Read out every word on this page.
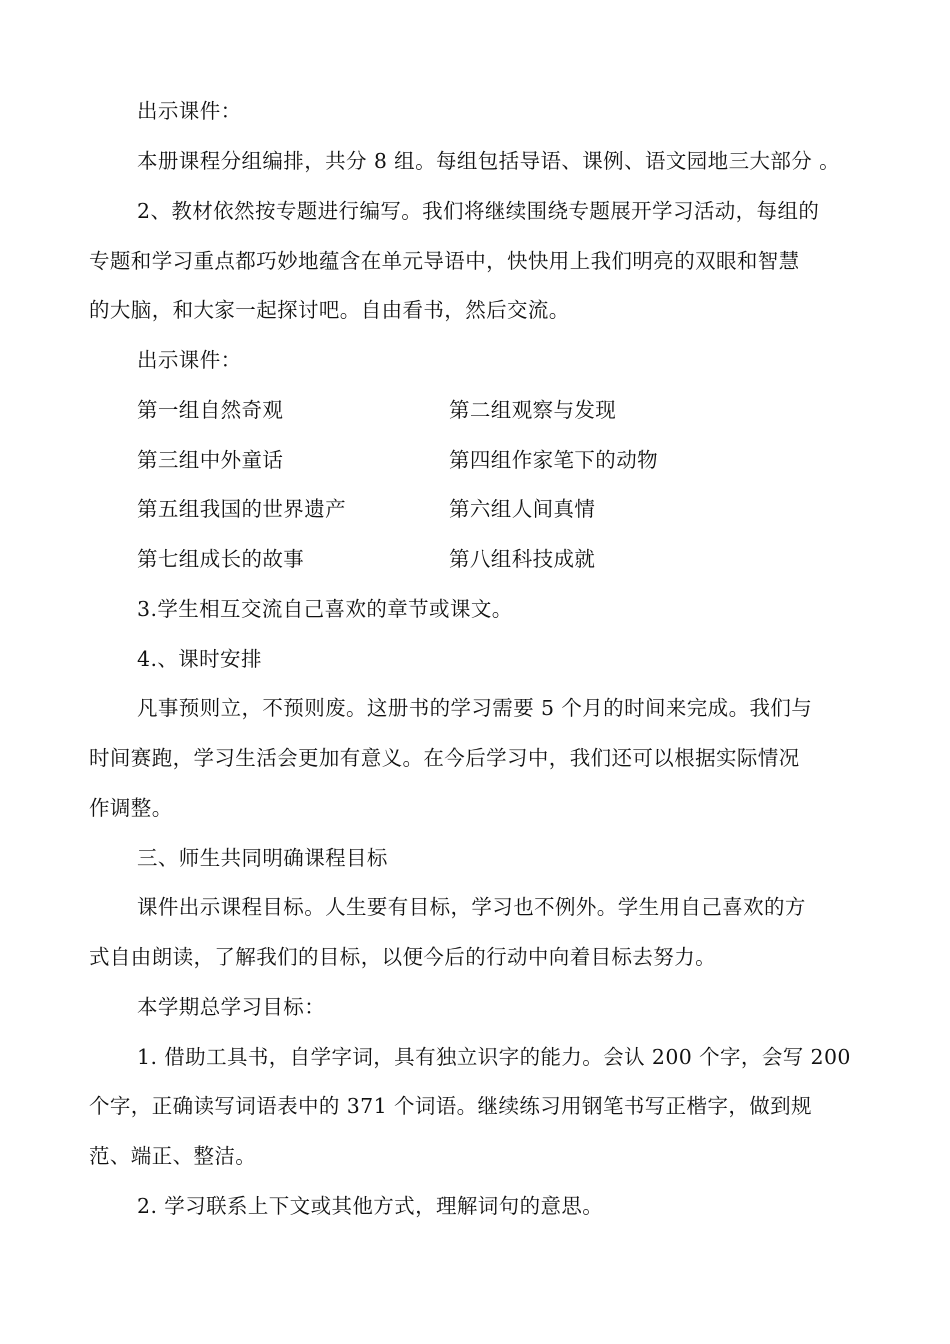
出示课件：
本册课程分组编排，共分 8 组。每组包括导语、课例、语文园地三大部分 。
2、教材依然按专题进行编写。我们将继续围绕专题展开学习活动，每组的
专题和学习重点都巧妙地蕴含在单元导语中，快快用上我们明亮的双眼和智慧
的大脑，和大家一起探讨吧。自由看书，然后交流。
出示课件：
第一组自然奇观	第二组观察与发现
第三组中外童话	第四组作家笔下的动物
第五组我国的世界遗产	第六组人间真情
第七组成长的故事	第八组科技成就
3.学生相互交流自己喜欢的章节或课文。
4.、课时安排
凡事预则立，不预则废。这册书的学习需要 5 个月的时间来完成。我们与
时间赛跑，学习生活会更加有意义。在今后学习中，我们还可以根据实际情况
作调整。
三、师生共同明确课程目标
课件出示课程目标。人生要有目标，学习也不例外。学生用自己喜欢的方
式自由朗读，了解我们的目标，以便今后的行动中向着目标去努力。
本学期总学习目标：
1. 借助工具书，自学字词，具有独立识字的能力。会认 200 个字，会写 200
个字，正确读写词语表中的 371 个词语。继续练习用钢笔书写正楷字，做到规
范、端正、整洁。
2. 学习联系上下文或其他方式，理解词句的意思。
